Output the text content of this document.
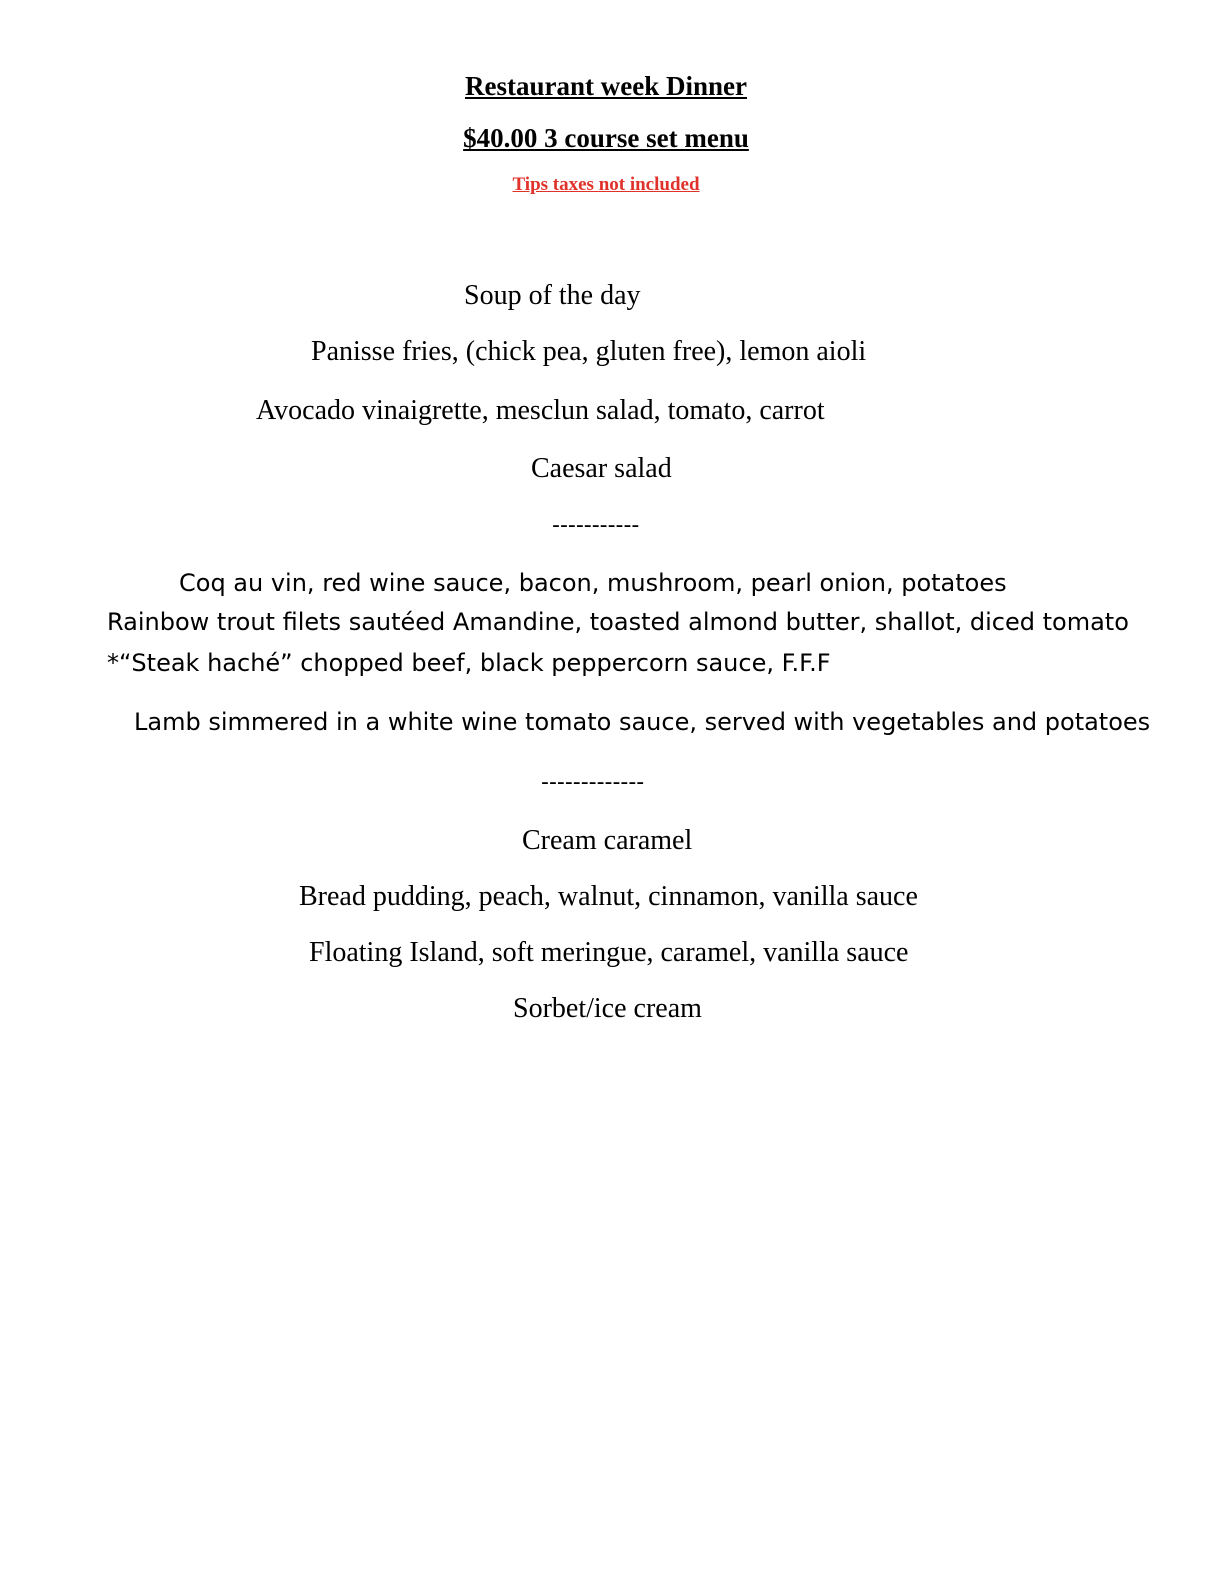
Restaurant week Dinner
$40.00 3 course set menu
Tips taxes not included
Soup of the day
Panisse fries, (chick pea, gluten free), lemon aioli
Avocado vinaigrette, mesclun salad, tomato, carrot
Caesar salad
-----------
Coq au vin, red wine sauce, bacon, mushroom, pearl onion, potatoes
Rainbow trout filets sautéed Amandine, toasted almond butter, shallot, diced tomato
*“Steak haché” chopped beef, black peppercorn sauce, F.F.F
Lamb simmered in a white wine tomato sauce, served with vegetables and potatoes
-------------
Cream caramel
Bread pudding, peach, walnut, cinnamon, vanilla sauce
Floating Island, soft meringue, caramel, vanilla sauce
Sorbet/ice cream
